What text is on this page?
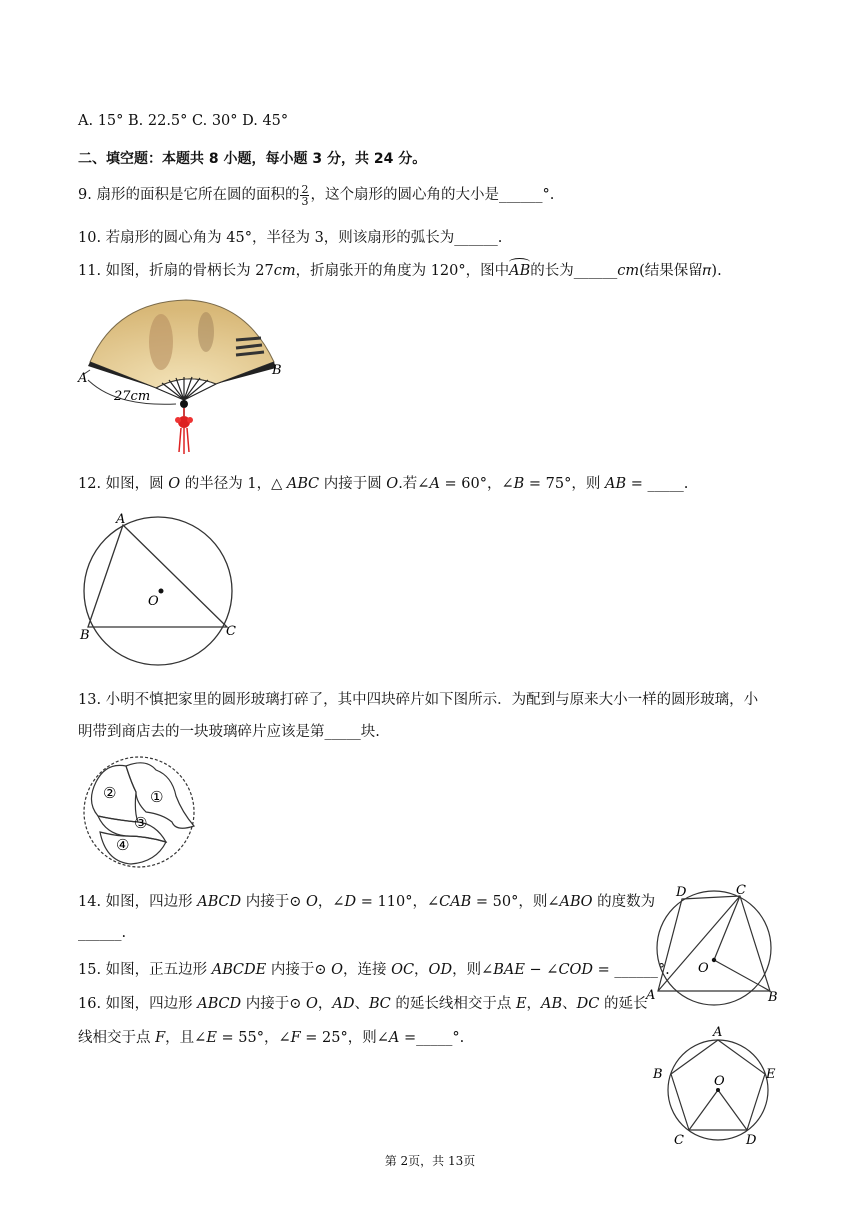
A. 15° B. 22.5° C. 30° D. 45°
二、填空题：本题共 8 小题，每小题 3 分，共 24 分。
9. 扇形的面积是它所在圆的面积的 $\frac{2}{3}$ ，这个扇形的圆心角的大小是______°.
10. 若扇形的圆心角为 45°，半径为 3，则该扇形的弧长为______.
11. 如图，折扇的骨柄长为 27𝑐𝑚，折扇张开的角度为 120°，图中𝐴𝐵的长为______𝑐𝑚(结果保留𝜋).
A
B
27cm
12. 如图，圆 𝑂 的半径为 1，△ 𝐴𝐵𝐶 内接于圆 𝑂.若∠𝐴 = 60°，∠𝐵 = 75°，则 𝐴𝐵 = _____.
A
B	C
O
13. 小明不慎把家里的圆形玻璃打碎了，其中四块碎片如下图所示．为配到与原来大小一样的圆形玻璃，小
明带到商店去的一块玻璃碎片应该是第_____块.
② ①
③
④
14. 如图，四边形 𝐴𝐵𝐶𝐷 内接于⊙ 𝑂，∠𝐷 = 110°，∠𝐶𝐴𝐵 = 50°，则∠𝐴𝐵𝑂 的度数为
______.
15. 如图，正五边形 𝐴𝐵𝐶𝐷𝐸 内接于⊙ 𝑂，连接 𝑂𝐶，𝑂𝐷，则∠𝐵𝐴𝐸 − ∠𝐶𝑂𝐷 = ______°.
16. 如图，四边形 𝐴𝐵𝐶𝐷 内接于⊙ 𝑂，𝐴𝐷、𝐵𝐶 的延长线相交于点 𝐸，𝐴𝐵、𝐷𝐶 的延长
线相交于点 𝐹，且∠𝐸 = 55°，∠𝐹 = 25°，则∠𝐴 =_____°.
D	C
A	B
O
A
B	E
C	D
O
第 2页，共 13页
